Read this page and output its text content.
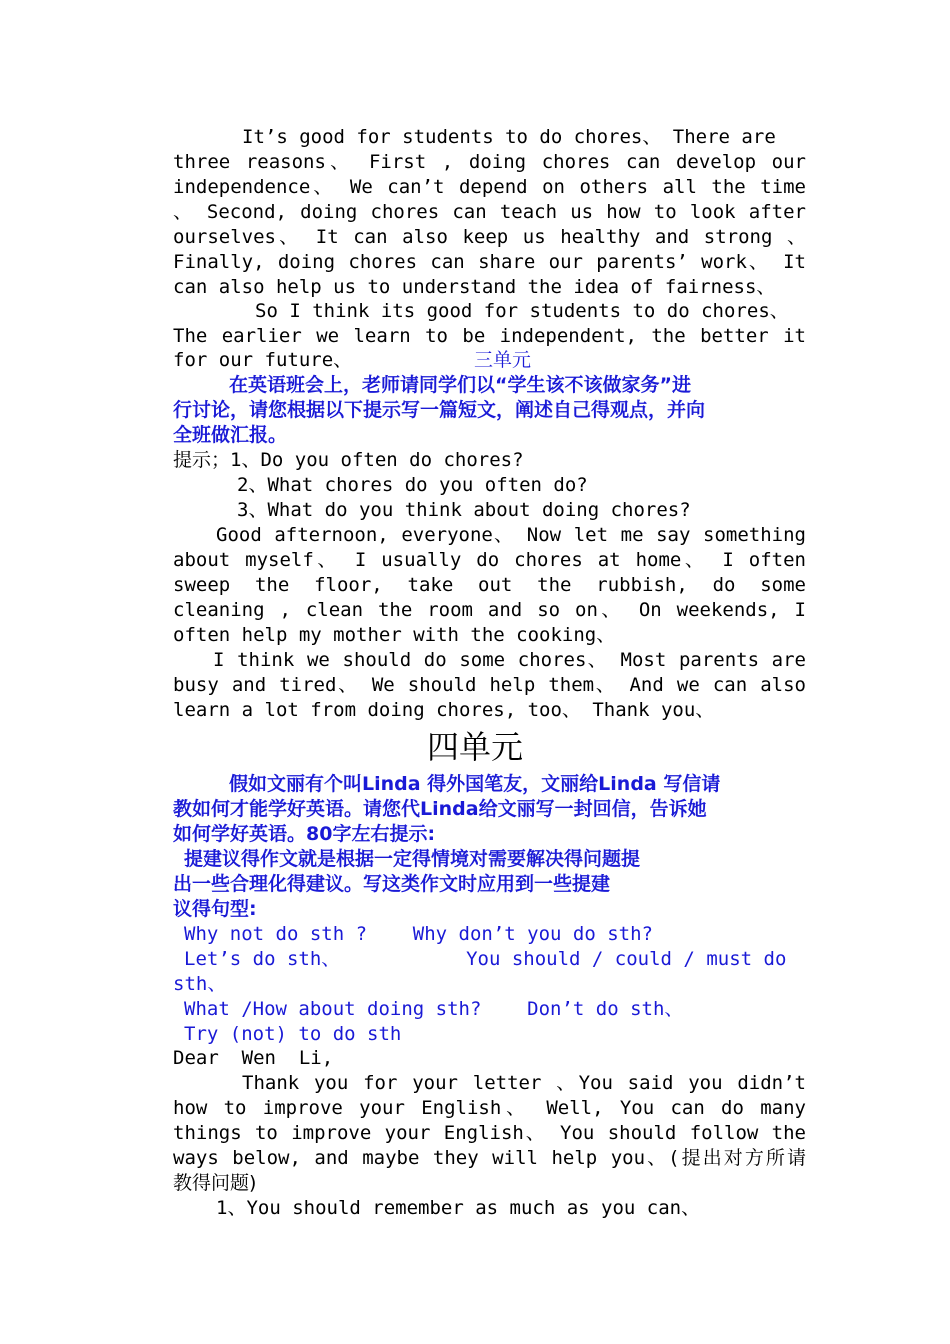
It’s good for students to do chores、 There are
three reasons、 First , doing chores can develop our
independence、 We can’t depend on others all the time
、 Second, doing chores can teach us how to look after
ourselves、 It can also keep us healthy and strong 、
Finally, doing chores can share our parents’ work、 It
can also help us to understand the idea of fairness、
So I think its good for students to do chores、
The earlier we learn to be independent, the better it
for our future、	三单元
在英语班会上，老师请同学们以“学生该不该做家务”进
行讨论，请您根据以下提示写一篇短文，阐述自己得观点，并向
全班做汇报。
提示；1、Do you often do chores?
2、What chores do you often do?
3、What do you think about doing chores?
Good afternoon, everyone、 Now let me say something
about myself、 I usually do chores at home、 I often
sweep the floor, take out the rubbish, do some
cleaning , clean the room and so on、 On weekends, I
often help my mother with the cooking、
I think we should do some chores、 Most parents are
busy and tired、 We should help them、 And we can also
learn a lot from doing chores, too、 Thank you、
四单元
假如文丽有个叫Linda 得外国笔友，文丽给Linda 写信请
教如何才能学好英语。请您代Linda给文丽写一封回信，告诉她
如何学好英语。80字左右提示:
提建议得作文就是根据一定得情境对需要解决得问题提
出一些合理化得建议。写这类作文时应用到一些提建
议得句型:
Why not do sth ?    Why don’t you do sth?
Let’s do sth、           You should / could / must do
sth、
What /How about doing sth?    Don’t do sth、
Try (not) to do sth
Dear  Wen  Li,
Thank you for your letter 、You said you didn’t
how to improve your English、 Well, You can do many
things to improve your English、 You should follow the
ways below, and maybe they will help you、(提出对方所请
教得问题)
1、You should remember as much as you can、
